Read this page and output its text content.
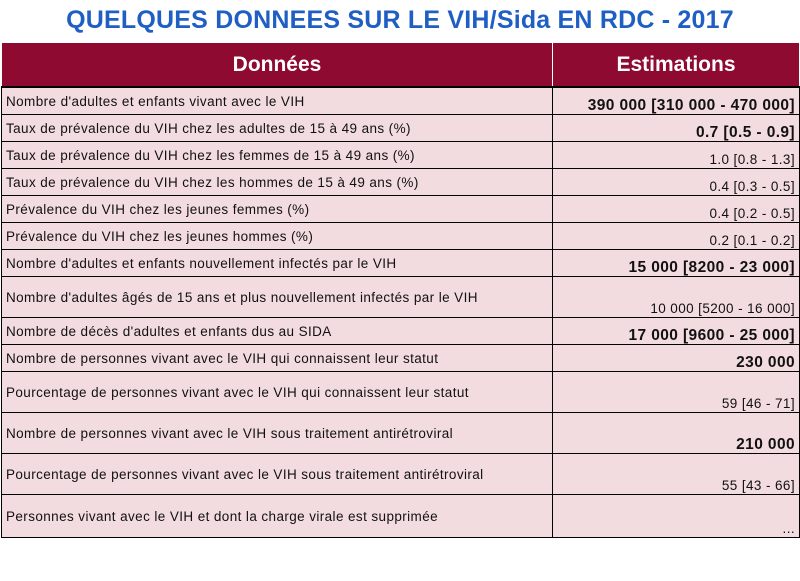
QUELQUES DONNEES SUR LE VIH/Sida EN RDC - 2017
Données	Estimations
Nombre d'adultes et enfants vivant avec le VIH	390 000 [310 000 - 470 000]
Taux de prévalence du VIH chez les adultes de 15 à 49 ans (%)	0.7 [0.5 - 0.9]
Taux de prévalence du VIH chez les femmes de 15 à 49 ans (%)	1.0 [0.8 - 1.3]
Taux de prévalence du VIH chez les hommes de 15 à 49 ans (%)	0.4 [0.3 - 0.5]
Prévalence du VIH chez les jeunes femmes (%)	0.4 [0.2 - 0.5]
Prévalence du VIH chez les jeunes hommes (%)	0.2 [0.1 - 0.2]
Nombre d'adultes et enfants nouvellement infectés par le VIH	15 000 [8200 - 23 000]
Nombre d'adultes âgés de 15 ans et plus nouvellement infectés par le VIH	10 000 [5200 - 16 000]
Nombre de décès d'adultes et enfants dus au SIDA	17 000 [9600 - 25 000]
Nombre de personnes vivant avec le VIH qui connaissent leur statut	230 000
Pourcentage de personnes vivant avec le VIH qui connaissent leur statut	59 [46 - 71]
Nombre de personnes vivant avec le VIH sous traitement antirétroviral	210 000
Pourcentage de personnes vivant avec le VIH sous traitement antirétroviral	55 [43 - 66]
Personnes vivant avec le VIH et dont la charge virale est supprimée	...
